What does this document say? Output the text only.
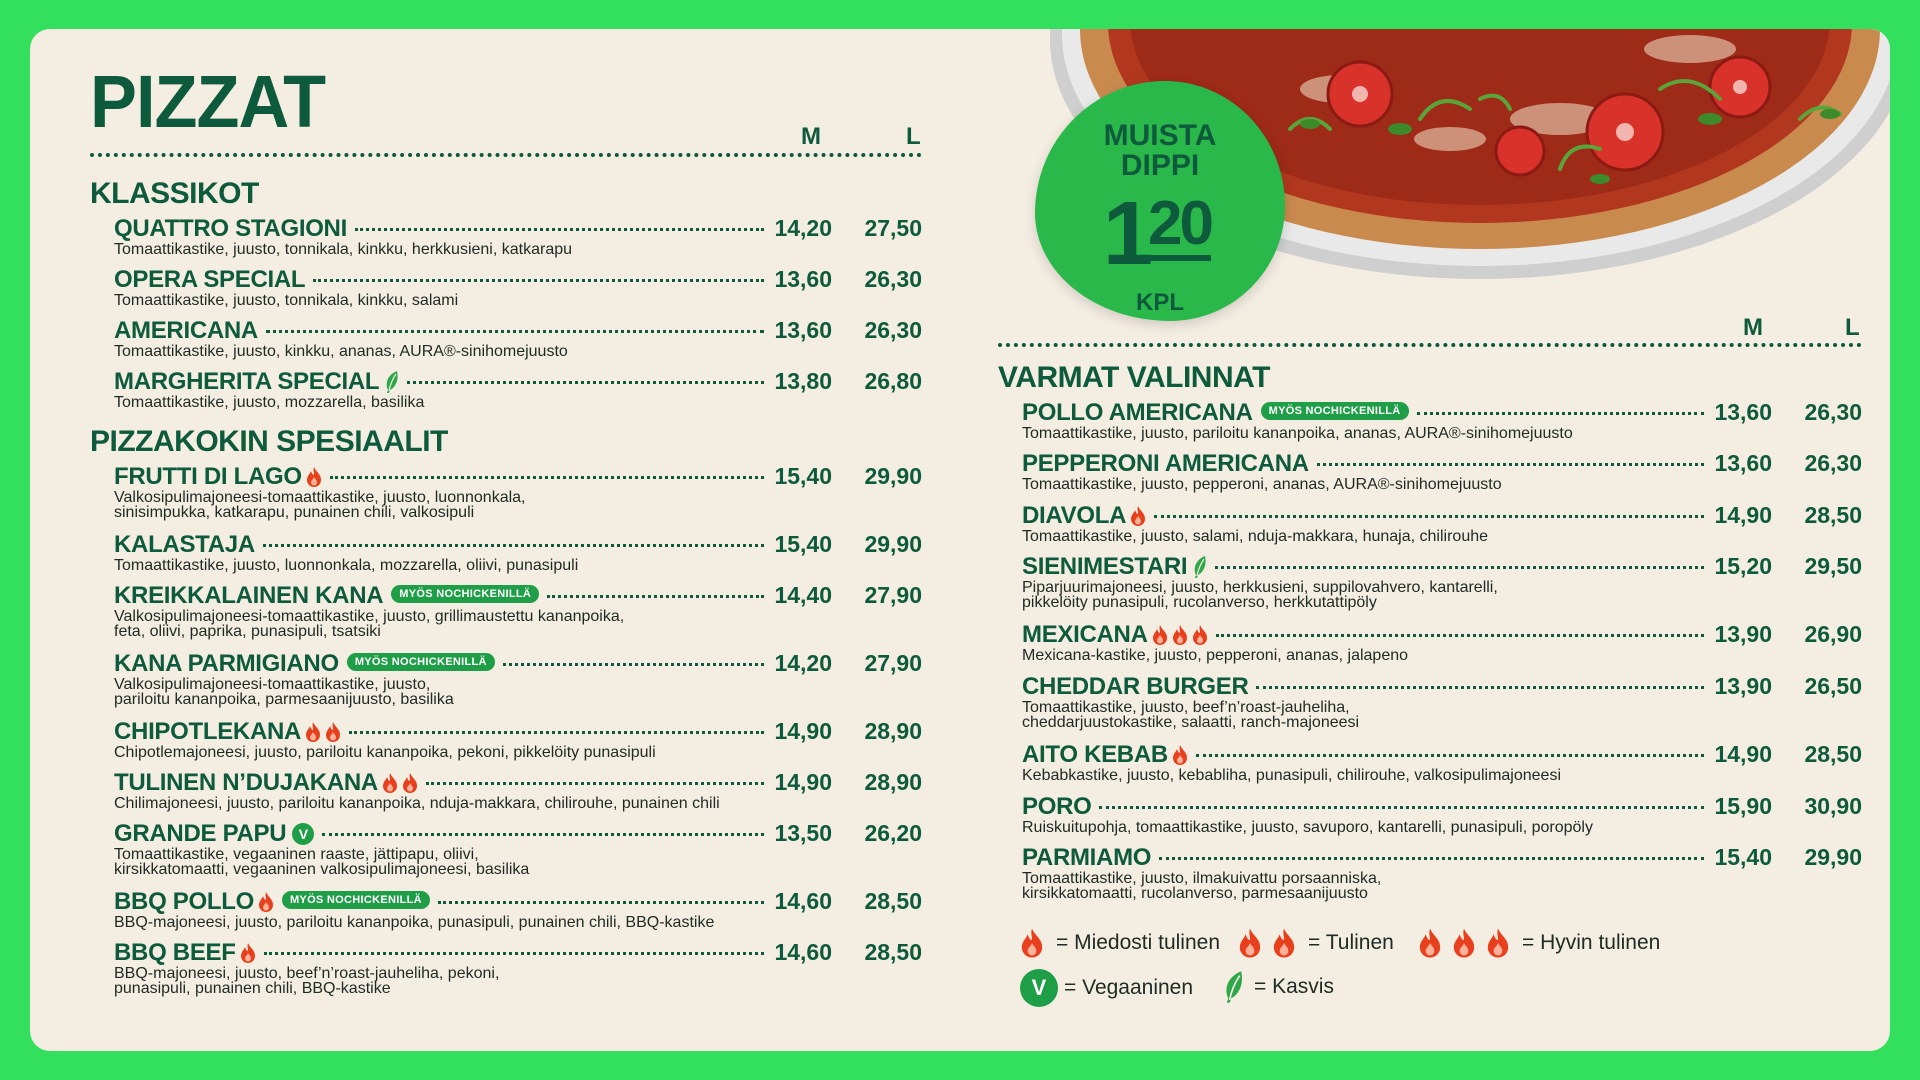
MUISTA
DIPPI
1
20
KPL
PIZZAT	M	L
KLASSIKOT
QUATTRO STAGIONI	14,20	27,50
Tomaattikastike, juusto, tonnikala, kinkku, herkkusieni, katkarapu
OPERA SPECIAL	13,60	26,30
Tomaattikastike, juusto, tonnikala, kinkku, salami
AMERICANA	13,60	26,30
Tomaattikastike, juusto, kinkku, ananas, AURA®-sinihomejuusto
MARGHERITA SPECIAL	13,80	26,80
Tomaattikastike, juusto, mozzarella, basilika
PIZZAKOKIN SPESIAALIT
FRUTTI DI LAGO	15,40	29,90
Valkosipulimajoneesi-tomaattikastike, juusto, luonnonkala,
sinisimpukka, katkarapu, punainen chili, valkosipuli
KALASTAJA	15,40	29,90
Tomaattikastike, juusto, luonnonkala, mozzarella, oliivi, punasipuli
KREIKKALAINEN KANA	MYÖS NOCHICKENILLÄ	14,40	27,90
Valkosipulimajoneesi-tomaattikastike, juusto, grillimaustettu kananpoika,
feta, oliivi, paprika, punasipuli, tsatsiki
KANA PARMIGIANO	MYÖS NOCHICKENILLÄ	14,20	27,90
Valkosipulimajoneesi-tomaattikastike, juusto,
pariloitu kananpoika, parmesaanijuusto, basilika
CHIPOTLEKANA	14,90	28,90
Chipotlemajoneesi, juusto, pariloitu kananpoika, pekoni, pikkelöity punasipuli
TULINEN N’DUJAKANA	14,90	28,90
Chilimajoneesi, juusto, pariloitu kananpoika, nduja-makkara, chilirouhe, punainen chili
GRANDE PAPU V	13,50	26,20
Tomaattikastike, vegaaninen raaste, jättipapu, oliivi,
kirsikkatomaatti, vegaaninen valkosipulimajoneesi, basilika
BBQ POLLO	MYÖS NOCHICKENILLÄ	14,60	28,50
BBQ-majoneesi, juusto, pariloitu kananpoika, punasipuli, punainen chili, BBQ-kastike
BBQ BEEF	14,60	28,50
BBQ-majoneesi, juusto, beef’n’roast-jauheliha, pekoni,
punasipuli, punainen chili, BBQ-kastike
M	L
VARMAT VALINNAT
POLLO AMERICANA	MYÖS NOCHICKENILLÄ	13,60	26,30
Tomaattikastike, juusto, pariloitu kananpoika, ananas, AURA®-sinihomejuusto
PEPPERONI AMERICANA	13,60	26,30
Tomaattikastike, juusto, pepperoni, ananas, AURA®-sinihomejuusto
DIAVOLA	14,90	28,50
Tomaattikastike, juusto, salami, nduja-makkara, hunaja, chilirouhe
SIENIMESTARI	15,20	29,50
Piparjuurimajoneesi, juusto, herkkusieni, suppilovahvero, kantarelli,
pikkelöity punasipuli, rucolanverso, herkkutattipöly
MEXICANA	13,90	26,90
Mexicana-kastike, juusto, pepperoni, ananas, jalapeno
CHEDDAR BURGER	13,90	26,50
Tomaattikastike, juusto, beef’n’roast-jauheliha,
cheddarjuustokastike, salaatti, ranch-majoneesi
AITO KEBAB	14,90	28,50
Kebabkastike, juusto, kebabliha, punasipuli, chilirouhe, valkosipulimajoneesi
PORO	15,90	30,90
Ruiskuitupohja, tomaattikastike, juusto, savuporo, kantarelli, punasipuli, poropöly
PARMIAMO	15,40	29,90
Tomaattikastike, juusto, ilmakuivattu porsaanniska,
kirsikkatomaatti, rucolanverso, parmesaanijuusto
= Miedosti tulinen	= Tulinen	= Hyvin tulinen
V = Vegaaninen	= Kasvis
